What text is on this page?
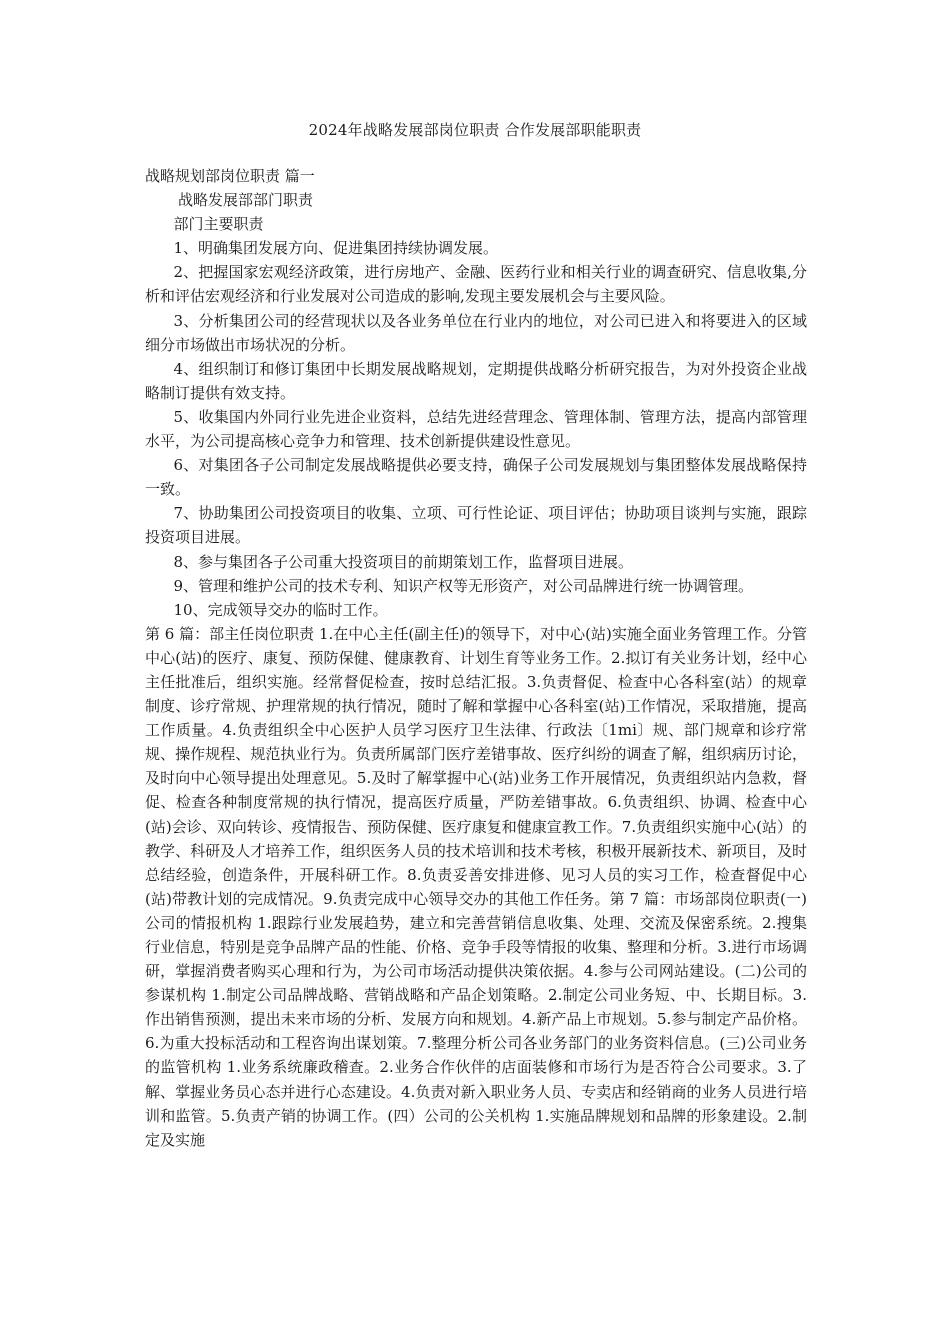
2024年战略发展部岗位职责 合作发展部职能职责

战略规划部岗位职责 篇一

战略发展部部门职责

部门主要职责

1、明确集团发展方向、促进集团持续协调发展。

2、把握国家宏观经济政策，进行房地产、金融、医药行业和相关行业的调查研究、信息收集,分析和评估宏观经济和行业发展对公司造成的影响,发现主要发展机会与主要风险。

3、分析集团公司的经营现状以及各业务单位在行业内的地位，对公司已进入和将要进入的区域细分市场做出市场状况的分析。

4、组织制订和修订集团中长期发展战略规划，定期提供战略分析研究报告，为对外投资企业战略制订提供有效支持。

5、收集国内外同行业先进企业资料，总结先进经营理念、管理体制、管理方法，提高内部管理水平，为公司提高核心竞争力和管理、技术创新提供建设性意见。

6、对集团各子公司制定发展战略提供必要支持，确保子公司发展规划与集团整体发展战略保持一致。

7、协助集团公司投资项目的收集、立项、可行性论证、项目评估；协助项目谈判与实施，跟踪投资项目进展。

8、参与集团各子公司重大投资项目的前期策划工作，监督项目进展。

9、管理和维护公司的技术专利、知识产权等无形资产，对公司品牌进行统一协调管理。

10、完成领导交办的临时工作。

第 6 篇：部主任岗位职责 1.在中心主任(副主任)的领导下，对中心(站)实施全面业务管理工作。分管中心(站)的医疗、康复、预防保健、健康教育、计划生育等业务工作。2.拟订有关业务计划，经中心主任批准后，组织实施。经常督促检查，按时总结汇报。3.负责督促、检查中心各科室(站）的规章制度、诊疗常规、护理常规的执行情况，随时了解和掌握中心各科室(站)工作情况，采取措施，提高工作质量。4.负责组织全中心医护人员学习医疗卫生法律、行政法〔1mi〕规、部门规章和诊疗常规、操作规程、规范执业行为。负责所属部门医疗差错事故、医疗纠纷的调查了解，组织病历讨论，及时向中心领导提出处理意见。5.及时了解掌握中心(站)业务工作开展情况，负责组织站内急救，督促、检查各种制度常规的执行情况，提高医疗质量，严防差错事故。6.负责组织、协调、检查中心(站)会诊、双向转诊、疫情报告、预防保健、医疗康复和健康宣教工作。7.负责组织实施中心(站）的教学、科研及人才培养工作，组织医务人员的技术培训和技术考核，积极开展新技术、新项目，及时总结经验，创造条件，开展科研工作。8.负责妥善安排进修、见习人员的实习工作，检查督促中心(站)带教计划的完成情况。9.负责完成中心领导交办的其他工作任务。第 7 篇：市场部岗位职责(一)公司的情报机构 1.跟踪行业发展趋势，建立和完善营销信息收集、处理、交流及保密系统。2.搜集行业信息，特别是竞争品牌产品的性能、价格、竞争手段等情报的收集、整理和分析。3.进行市场调研，掌握消费者购买心理和行为，为公司市场活动提供决策依据。4.参与公司网站建设。(二)公司的参谋机构 1.制定公司品牌战略、营销战略和产品企划策略。2.制定公司业务短、中、长期目标。3.作出销售预测，提出未来市场的分析、发展方向和规划。4.新产品上市规划。5.参与制定产品价格。6.为重大投标活动和工程咨询出谋划策。7.整理分析公司各业务部门的业务资料信息。(三)公司业务的监管机构 1.业务系统廉政稽查。2.业务合作伙伴的店面装修和市场行为是否符合公司要求。3.了解、掌握业务员心态并进行心态建设。4.负责对新入职业务人员、专卖店和经销商的业务人员进行培训和监管。5.负责产销的协调工作。(四）公司的公关机构 1.实施品牌规划和品牌的形象建设。2.制定及实施
